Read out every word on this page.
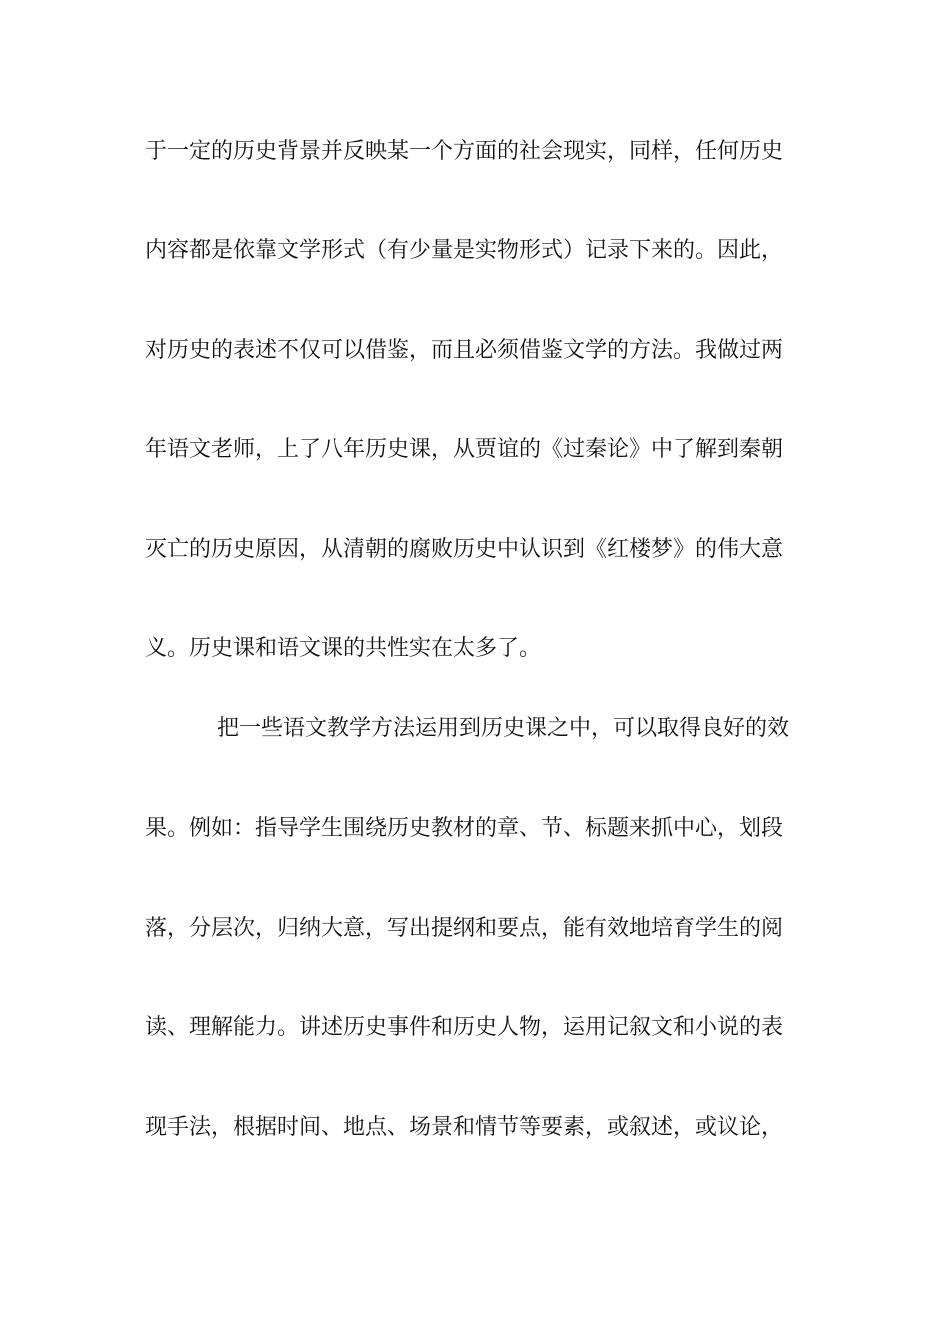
于一定的历史背景并反映某一个方面的社会现实，同样，任何历史
内容都是依靠文学形式（有少量是实物形式）记录下来的。因此，
对历史的表述不仅可以借鉴，而且必须借鉴文学的方法。我做过两
年语文老师，上了八年历史课，从贾谊的《过秦论》中了解到秦朝
灭亡的历史原因，从清朝的腐败历史中认识到《红楼梦》的伟大意
义。历史课和语文课的共性实在太多了。
把一些语文教学方法运用到历史课之中，可以取得良好的效
果。例如：指导学生围绕历史教材的章、节、标题来抓中心，划段
落，分层次，归纳大意，写出提纲和要点，能有效地培育学生的阅
读、理解能力。讲述历史事件和历史人物，运用记叙文和小说的表
现手法，根据时间、地点、场景和情节等要素，或叙述，或议论，
